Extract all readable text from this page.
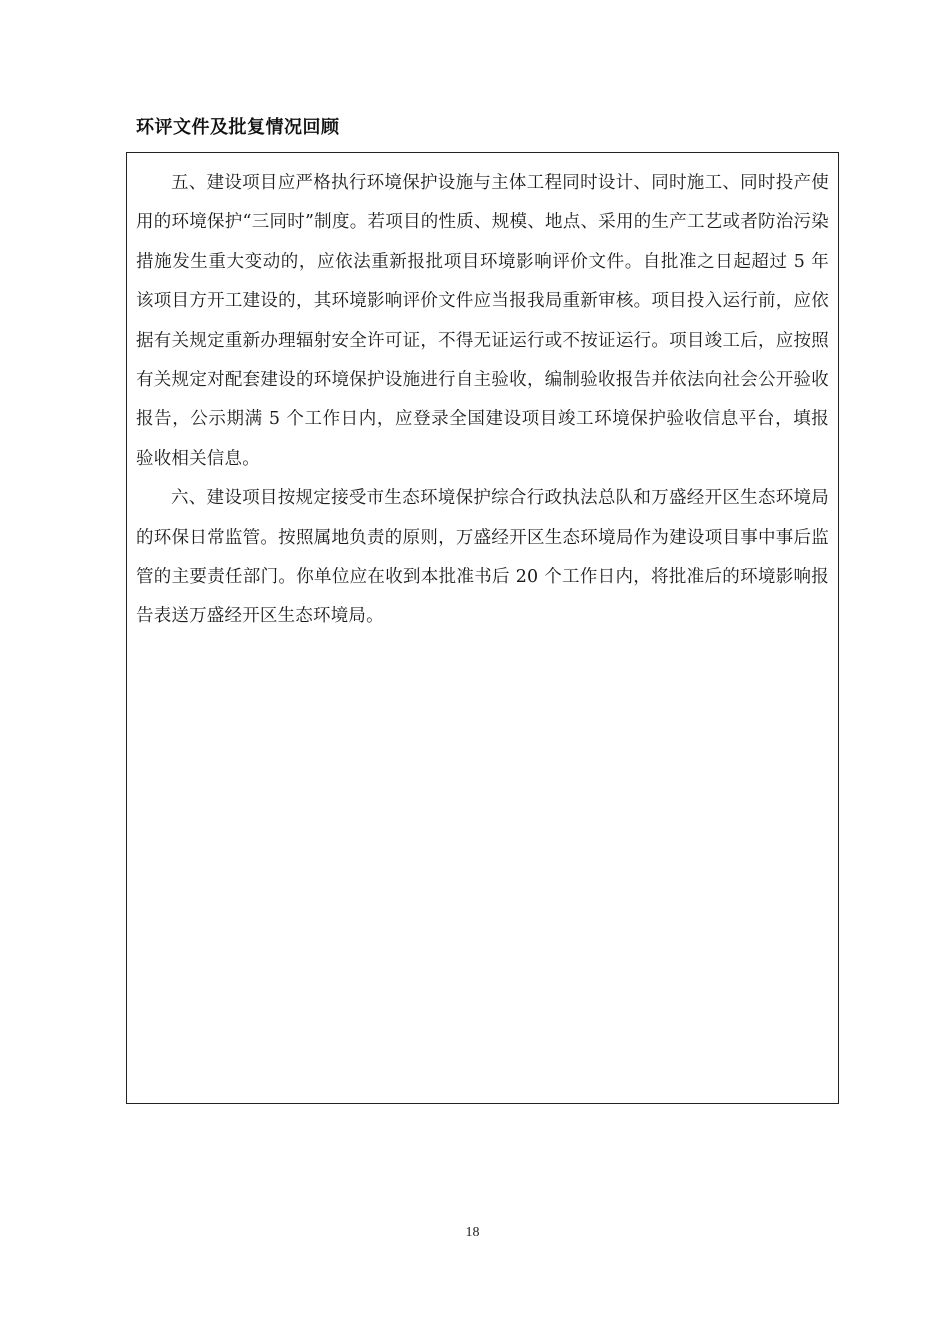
环评文件及批复情况回顾

五、建设项目应严格执行环境保护设施与主体工程同时设计、同时施工、同时投产使用的环境保护“三同时”制度。若项目的性质、规模、地点、采用的生产工艺或者防治污染措施发生重大变动的，应依法重新报批项目环境影响评价文件。自批准之日起超过 5 年该项目方开工建设的，其环境影响评价文件应当报我局重新审核。项目投入运行前，应依据有关规定重新办理辐射安全许可证，不得无证运行或不按证运行。项目竣工后，应按照有关规定对配套建设的环境保护设施进行自主验收，编制验收报告并依法向社会公开验收报告，公示期满 5 个工作日内，应登录全国建设项目竣工环境保护验收信息平台，填报验收相关信息。

六、建设项目按规定接受市生态环境保护综合行政执法总队和万盛经开区生态环境局的环保日常监管。按照属地负责的原则，万盛经开区生态环境局作为建设项目事中事后监管的主要责任部门。你单位应在收到本批准书后 20 个工作日内，将批准后的环境影响报告表送万盛经开区生态环境局。

18
